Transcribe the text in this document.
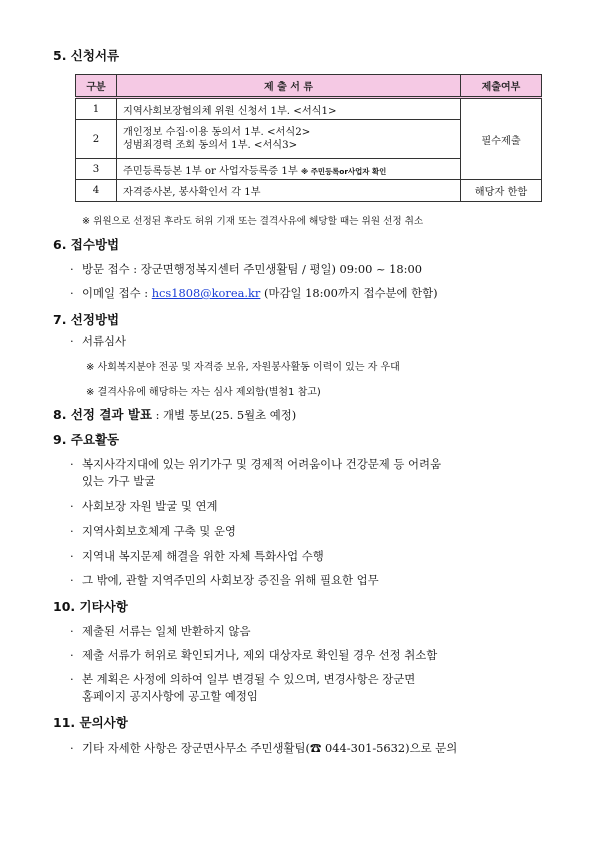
5. 신청서류
구분	제 출 서 류	제출여부
1	지역사회보장협의체 위원 신청서 1부. <서식1>	필수제출
2	개인정보 수집·이용 동의서 1부. <서식2>
성범죄경력 조회 동의서 1부. <서식3>	

3	주민등록등본 1부 or 사업자등록증 1부 ※ 주민등록or사업자 확인	
4	자격증사본, 봉사확인서 각 1부	해당자 한함
※ 위원으로 선정된 후라도 허위 기재 또는 결격사유에 해당할 때는 위원 선정 취소
6. 접수방법
· 방문 접수 : 장군면행정복지센터 주민생활팀 / 평일) 09:00 ~ 18:00
· 이메일 접수 : hcs1808@korea.kr (마감일 18:00까지 접수분에 한함)
7. 선정방법
· 서류심사
※ 사회복지분야 전공 및 자격증 보유, 자원봉사활동 이력이 있는 자 우대
※ 결격사유에 해당하는 자는 심사 제외함(별첨1 참고)
8. 선정 결과 발표 : 개별 통보(25. 5월초 예정)
9. 주요활동
· 복지사각지대에 있는 위기가구 및 경제적 어려움이나 건강문제 등 어려움
있는 가구 발굴
· 사회보장 자원 발굴 및 연계
· 지역사회보호체계 구축 및 운영
· 지역내 복지문제 해결을 위한 자체 특화사업 수행
· 그 밖에, 관할 지역주민의 사회보장 증진을 위해 필요한 업무
10. 기타사항
· 제출된 서류는 일체 반환하지 않음
· 제출 서류가 허위로 확인되거나, 제외 대상자로 확인될 경우 선정 취소함
· 본 계획은 사정에 의하여 일부 변경될 수 있으며, 변경사항은 장군면
홈페이지 공지사항에 공고할 예정임
11. 문의사항
· 기타 자세한 사항은 장군면사무소 주민생활팀(☎ 044-301-5632)으로 문의
